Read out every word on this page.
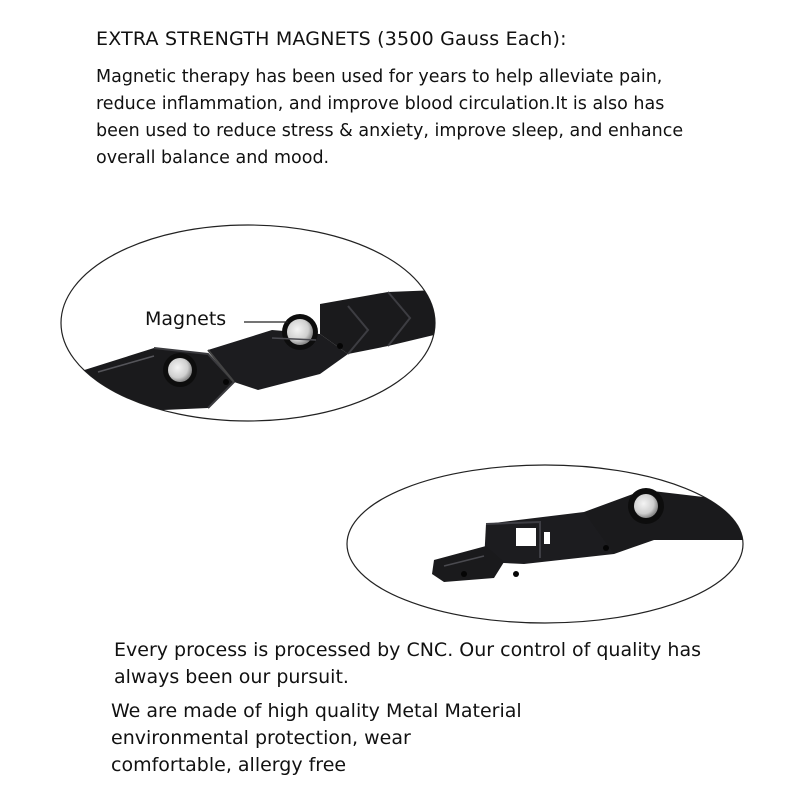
EXTRA STRENGTH MAGNETS (3500 Gauss Each):
Magnetic therapy has been used for years to help alleviate pain,
reduce inflammation, and improve blood circulation.It is also has
been used to reduce stress & anxiety, improve sleep, and enhance
overall balance and mood.
Magnets
Every process is processed by CNC. Our control of quality has
always been our pursuit.
We are made of high quality Metal Material
environmental protection, wear
comfortable, allergy free
